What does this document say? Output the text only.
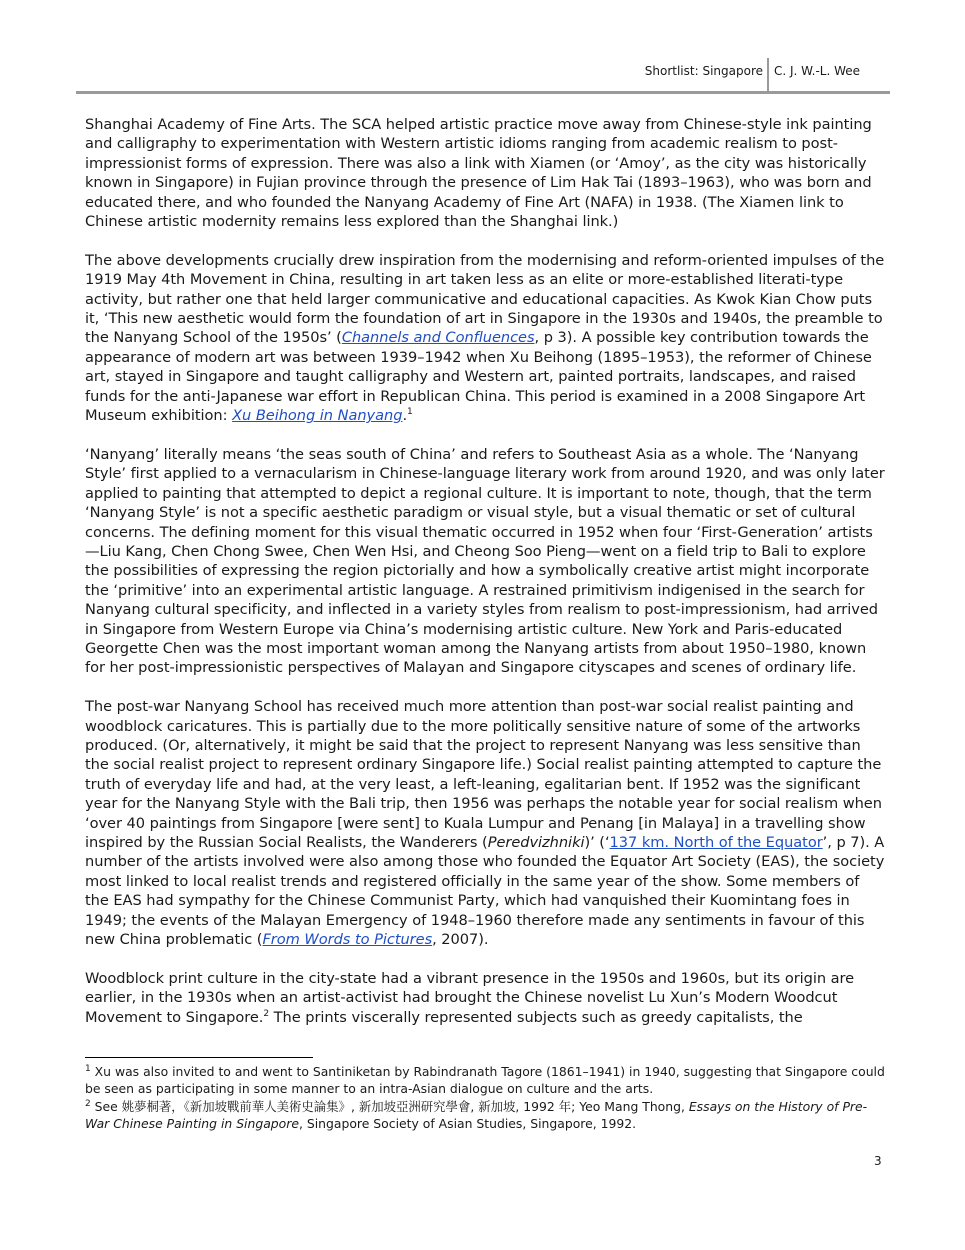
Shortlist: Singapore C. J. W.-L. Wee

Shanghai Academy of Fine Arts. The SCA helped artistic practice move away from Chinese-style ink painting and calligraphy to experimentation with Western artistic idioms ranging from academic realism to post-impressionist forms of expression. There was also a link with Xiamen (or ‘Amoy’, as the city was historically known in Singapore) in Fujian province through the presence of Lim Hak Tai (1893–1963), who was born and educated there, and who founded the Nanyang Academy of Fine Art (NAFA) in 1938. (The Xiamen link to Chinese artistic modernity remains less explored than the Shanghai link.)

The above developments crucially drew inspiration from the modernising and reform-oriented impulses of the 1919 May 4th Movement in China, resulting in art taken less as an elite or more-established literati-type activity, but rather one that held larger communicative and educational capacities. As Kwok Kian Chow puts it, ‘This new aesthetic would form the foundation of art in Singapore in the 1930s and 1940s, the preamble to the Nanyang School of the 1950s’ (Channels and Confluences, p 3). A possible key contribution towards the appearance of modern art was between 1939–1942 when Xu Beihong (1895–1953), the reformer of Chinese art, stayed in Singapore and taught calligraphy and Western art, painted portraits, landscapes, and raised funds for the anti-Japanese war effort in Republican China. This period is examined in a 2008 Singapore Art Museum exhibition: Xu Beihong in Nanyang.$^1$

‘Nanyang’ literally means ‘the seas south of China’ and refers to Southeast Asia as a whole. The ‘Nanyang Style’ first applied to a vernacularism in Chinese-language literary work from around 1920, and was only later applied to painting that attempted to depict a regional culture. It is important to note, though, that the term ‘Nanyang Style’ is not a specific aesthetic paradigm or visual style, but a visual thematic or set of cultural concerns. The defining moment for this visual thematic occurred in 1952 when four ‘First-Generation’ artists—Liu Kang, Chen Chong Swee, Chen Wen Hsi, and Cheong Soo Pieng—went on a field trip to Bali to explore the possibilities of expressing the region pictorially and how a symbolically creative artist might incorporate the ‘primitive’ into an experimental artistic language. A restrained primitivism indigenised in the search for Nanyang cultural specificity, and inflected in a variety styles from realism to post-impressionism, had arrived in Singapore from Western Europe via China’s modernising artistic culture. New York and Paris-educated Georgette Chen was the most important woman among the Nanyang artists from about 1950–1980, known for her post-impressionistic perspectives of Malayan and Singapore cityscapes and scenes of ordinary life.

The post-war Nanyang School has received much more attention than post-war social realist painting and woodblock caricatures. This is partially due to the more politically sensitive nature of some of the artworks produced. (Or, alternatively, it might be said that the project to represent Nanyang was less sensitive than the social realist project to represent ordinary Singapore life.) Social realist painting attempted to capture the truth of everyday life and had, at the very least, a left-leaning, egalitarian bent. If 1952 was the significant year for the Nanyang Style with the Bali trip, then 1956 was perhaps the notable year for social realism when ‘over 40 paintings from Singapore [were sent] to Kuala Lumpur and Penang [in Malaya] in a travelling show inspired by the Russian Social Realists, the Wanderers (Peredvizhniki)’ (‘137 km. North of the Equator’, p 7). A number of the artists involved were also among those who founded the Equator Art Society (EAS), the society most linked to local realist trends and registered officially in the same year of the show. Some members of the EAS had sympathy for the Chinese Communist Party, which had vanquished their Kuomintang foes in 1949; the events of the Malayan Emergency of 1948–1960 therefore made any sentiments in favour of this new China problematic (From Words to Pictures, 2007).

Woodblock print culture in the city-state had a vibrant presence in the 1950s and 1960s, but its origin are earlier, in the 1930s when an artist-activist had brought the Chinese novelist Lu Xun’s Modern Woodcut Movement to Singapore.$^2$ The prints viscerally represented subjects such as greedy capitalists, the

$^1$ Xu was also invited to and went to Santiniketan by Rabindranath Tagore (1861–1941) in 1940, suggesting that Singapore could be seen as participating in some manner to an intra-Asian dialogue on culture and the arts.

$^2$ See 姚夢桐著，《新加坡戰前華人美術史論集》, 新加坡亞洲研究學會, 新加坡, 1992 年; Yeo Mang Thong, Essays on the History of Pre-War Chinese Painting in Singapore, Singapore Society of Asian Studies, Singapore, 1992.

3
